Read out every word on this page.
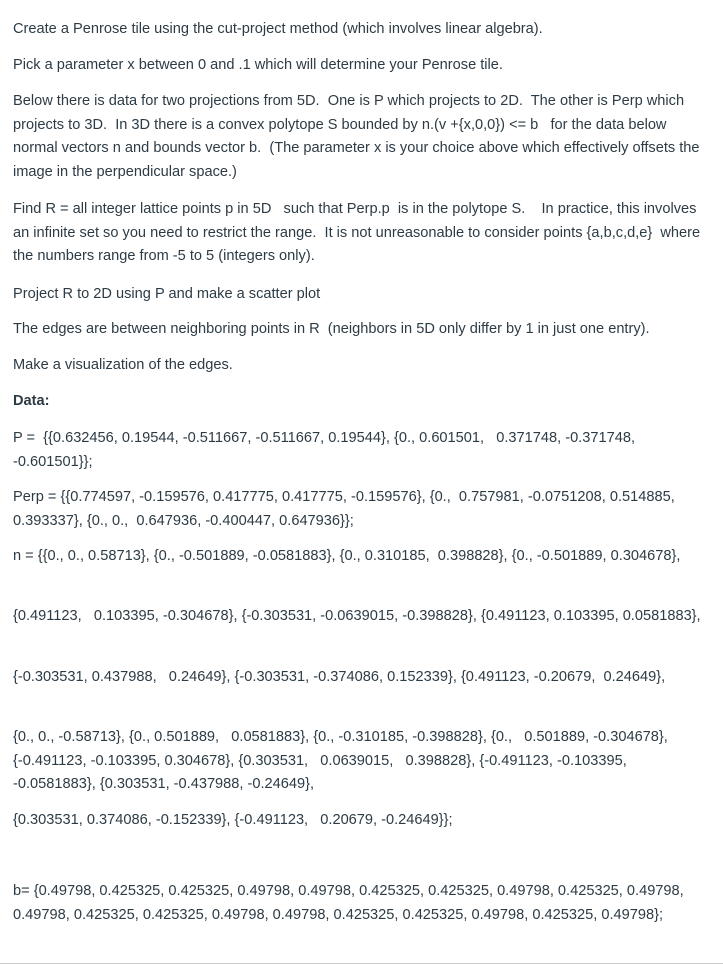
Create a Penrose tile using the cut-project method (which involves linear algebra).

Pick a parameter x between 0 and .1 which will determine your Penrose tile.

Below there is data for two projections from 5D.  One is P which projects to 2D.  The other is Perp which projects to 3D.  In 3D there is a convex polytope S bounded by n.(v +{x,0,0}) <= b   for the data below normal vectors n and bounds vector b.  (The parameter x is your choice above which effectively offsets the image in the perpendicular space.)

Find R = all integer lattice points p in 5D   such that Perp.p  is in the polytope S.    In practice, this involves an infinite set so you need to restrict the range.  It is not unreasonable to consider points {a,b,c,d,e}  where the numbers range from -5 to 5 (integers only).

Project R to 2D using P and make a scatter plot

The edges are between neighboring points in R  (neighbors in 5D only differ by 1 in just one entry).

Make a visualization of the edges.

Data:

P =  {{0.632456, 0.19544, -0.511667, -0.511667, 0.19544}, {0., 0.601501,   0.371748, -0.371748, -0.601501}};

Perp = {{0.774597, -0.159576, 0.417775, 0.417775, -0.159576}, {0.,  0.757981, -0.0751208, 0.514885, 0.393337}, {0., 0.,  0.647936, -0.400447, 0.647936}};

n = {{0., 0., 0.58713}, {0., -0.501889, -0.0581883}, {0., 0.310185,  0.398828}, {0., -0.501889, 0.304678},

{0.491123,   0.103395, -0.304678}, {-0.303531, -0.0639015, -0.398828}, {0.491123, 0.103395, 0.0581883},

{-0.303531, 0.437988,   0.24649}, {-0.303531, -0.374086, 0.152339}, {0.491123, -0.20679,  0.24649},

{0., 0., -0.58713}, {0., 0.501889,   0.0581883}, {0., -0.310185, -0.398828}, {0.,   0.501889, -0.304678}, {-0.491123, -0.103395, 0.304678}, {0.303531,   0.0639015,   0.398828}, {-0.491123, -0.103395, -0.0581883}, {0.303531, -0.437988, -0.24649},

{0.303531, 0.374086, -0.152339}, {-0.491123,   0.20679, -0.24649}};

b= {0.49798, 0.425325, 0.425325, 0.49798, 0.49798, 0.425325, 0.425325, 0.49798, 0.425325, 0.49798, 0.49798, 0.425325, 0.425325, 0.49798, 0.49798, 0.425325, 0.425325, 0.49798, 0.425325, 0.49798};
